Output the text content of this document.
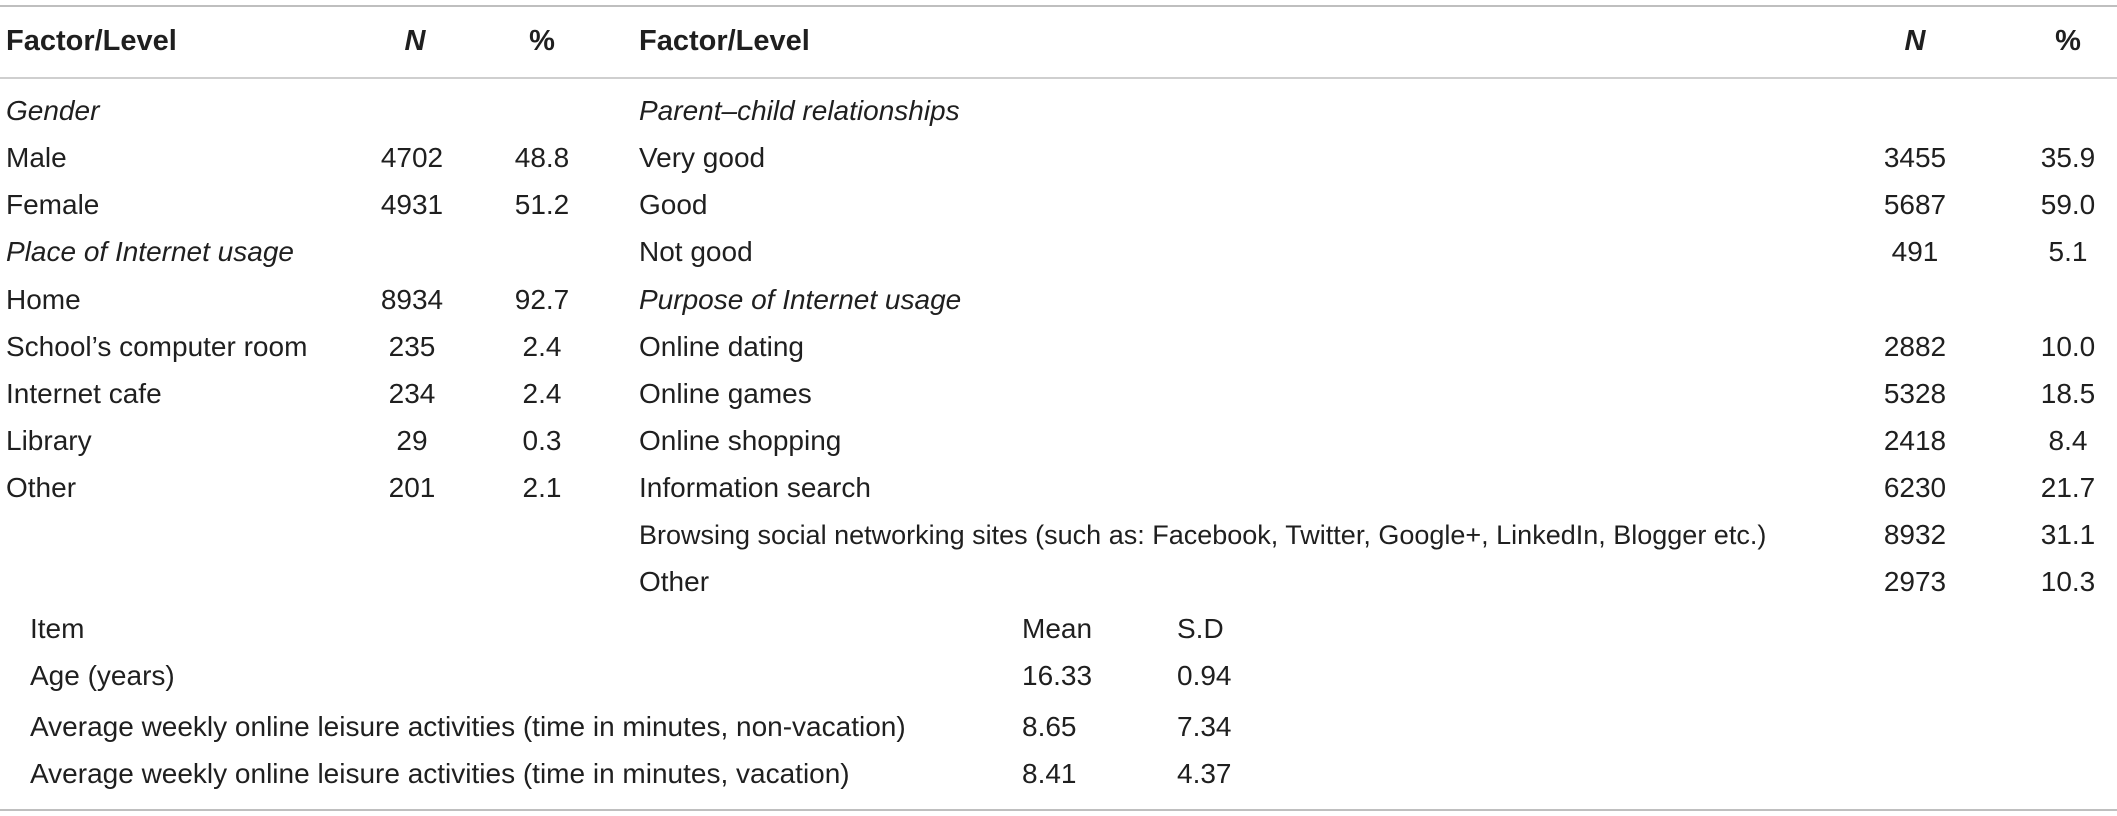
Factor/Level	N	%	Factor/Level	N	%
Gender
Male	4702	48.8
Female	4931	51.2
Place of Internet usage
Home	8934	92.7
School’s computer room	235	2.4
Internet cafe	234	2.4
Library	29	0.3
Other	201	2.1
Parent–child relationships
Very good	3455	35.9
Good	5687	59.0
Not good	491	5.1
Purpose of Internet usage
Online dating	2882	10.0
Online games	5328	18.5
Online shopping	2418	8.4
Information search	6230	21.7
Browsing social networking sites (such as: Facebook, Twitter, Google+, LinkedIn, Blogger etc.)	8932	31.1
Other	2973	10.3
Item	Mean	S.D
Age (years)	16.33	0.94
Average weekly online leisure activities (time in minutes, non-vacation)	8.65	7.34
Average weekly online leisure activities (time in minutes, vacation)	8.41	4.37
